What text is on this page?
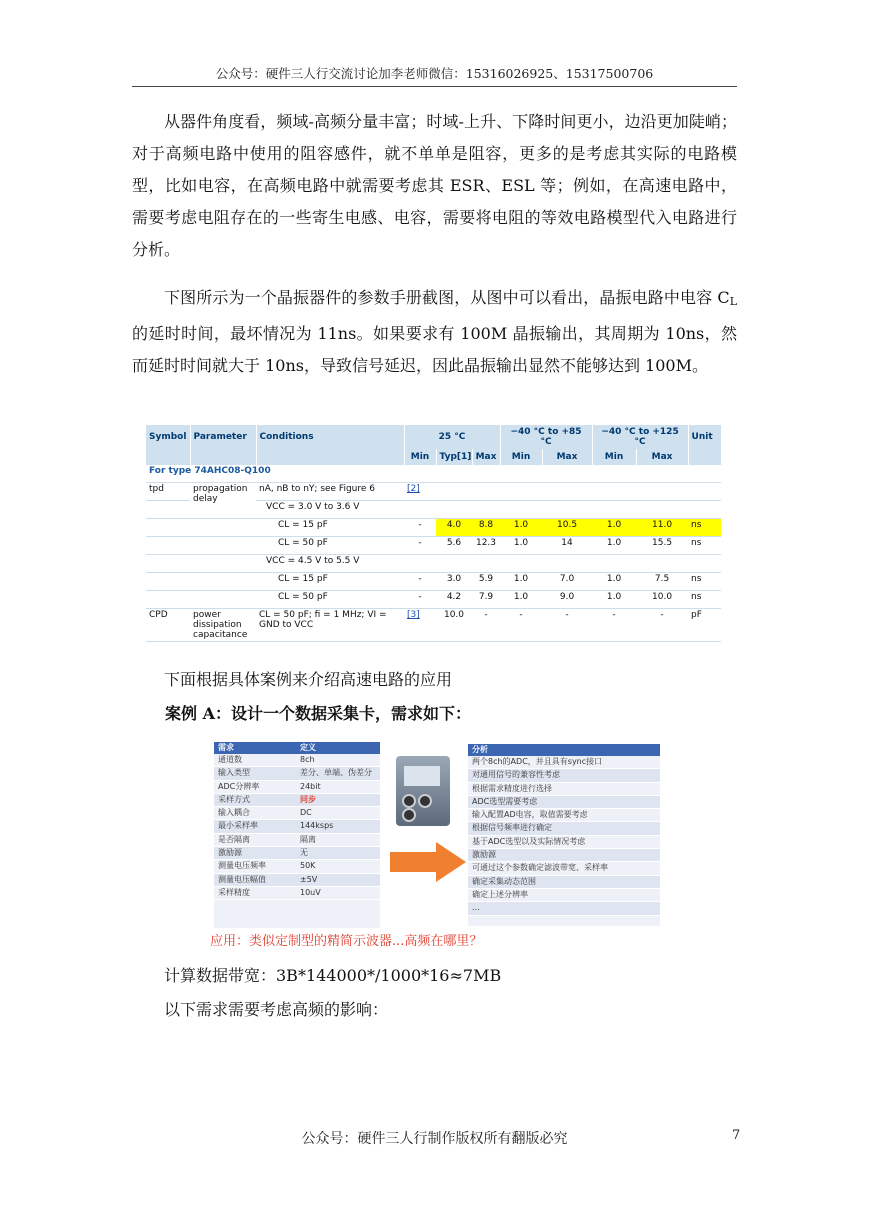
公众号：硬件三人行交流讨论加李老师微信：15316026925、15317500706

从器件角度看，频域-高频分量丰富；时域-上升、下降时间更小，边沿更加陡峭；对于高频电路中使用的阻容感件，就不单单是阻容，更多的是考虑其实际的电路模型，比如电容，在高频电路中就需要考虑其 ESR、ESL 等；例如，在高速电路中，需要考虑电阻存在的一些寄生电感、电容，需要将电阻的等效电路模型代入电路进行分析。

下图所示为一个晶振器件的参数手册截图，从图中可以看出，晶振电路中电容 CL 的延时时间，最坏情况为 11ns。如果要求有 100M 晶振输出，其周期为 10ns，然而延时时间就大于 10ns，导致信号延迟，因此晶振输出显然不能够达到 100M。

Symbol	Parameter	Conditions	25 °C			−40 °C to +85 °C		−40 °C to +125 °C		Unit
			Min	Typ[1]	Max	Min	Max	Min	Max	
For type 74AHC08-Q100										
tpd	propagation delay	nA, nB to nY; see Figure 6	[2]							
		VCC = 3.0 V to 3.6 V								
		CL = 15 pF	-	4.0	8.8	1.0	10.5	1.0	11.0	ns
		CL = 50 pF	-	5.6	12.3	1.0	14	1.0	15.5	ns
		VCC = 4.5 V to 5.5 V								
		CL = 15 pF	-	3.0	5.9	1.0	7.0	1.0	7.5	ns
		CL = 50 pF	-	4.2	7.9	1.0	9.0	1.0	10.0	ns
CPD	power dissipation capacitance	CL = 50 pF; fi = 1 MHz; VI = GND to VCC	[3]	10.0	-	-	-	-	-	pF

下面根据具体案例来介绍高速电路的应用

案例 A：设计一个数据采集卡，需求如下：

需求	定义
通道数	8ch
输入类型	差分、单端、伪差分
ADC分辨率	24bit
采样方式	同步
输入耦合	DC
最小采样率	144ksps
是否隔离	隔离
激励源	无
测量电压频率	50K
测量电压幅值	±5V
采样精度	10uV
分析
两个8ch的ADC，并且具有sync接口
对通用信号的兼容性考虑
根据需求精度进行选择
ADC选型需要考虑
输入配置AD电容，取值需要考虑
根据信号频率进行确定
基于ADC选型以及实际情况考虑
激励源
可通过这个参数确定滤波带宽、采样率
确定采集动态范围
确定上述分辨率
...
应用：类似定制型的精简示波器...高频在哪里？

计算数据带宽：3B*144000*/1000*16≈7MB

以下需求需要考虑高频的影响：

公众号：硬件三人行制作版权所有翻版必究	7
